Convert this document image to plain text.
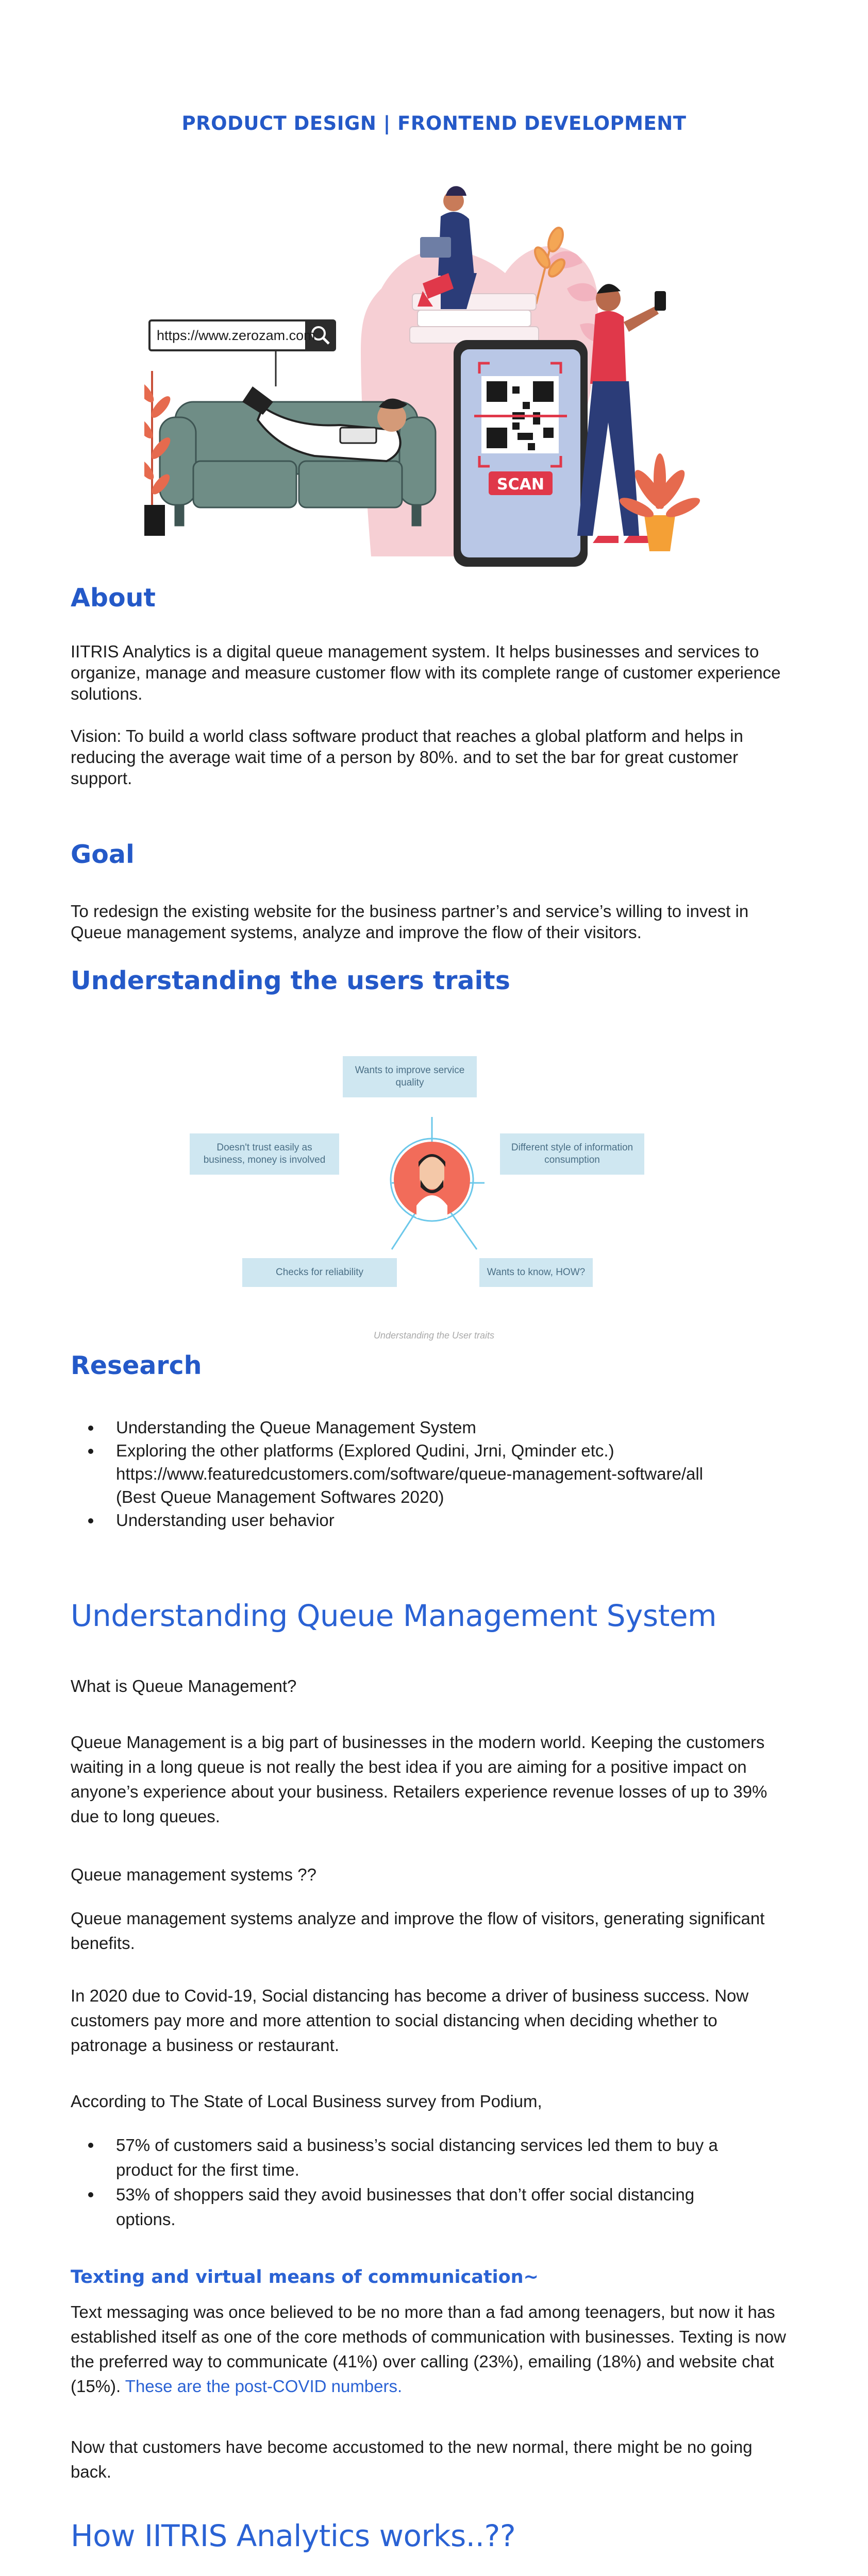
PRODUCT DESIGN | FRONTEND DEVELOPMENT
https://www.zerozam.com
SCAN
About

IITRIS Analytics is a digital queue management system. It helps businesses and services to organize, manage and measure customer flow with its complete range of customer experience solutions.

Vision: To build a world class software product that reaches a global platform and helps in reducing the average wait time of a person by 80%. and to set the bar for great customer support.

Goal

To redesign the existing website for the business partner’s and service’s willing to invest in Queue management systems, analyze and improve the flow of their visitors.

Understanding the users traits
Wants to improve service quality
Doesn't trust easily as business, money is involved
Different style of information consumption
Checks for reliability	Wants to know, HOW?
Understanding the User traits
Research
Understanding the Queue Management System
Exploring the other platforms (Explored Qudini, Jrni, Qminder etc.)
https://www.featuredcustomers.com/software/queue-management-software/all
(Best Queue Management Softwares 2020)
Understanding user behavior
Understanding Queue Management System

What is Queue Management?

Queue Management is a big part of businesses in the modern world. Keeping the customers waiting in a long queue is not really the best idea if you are aiming for a positive impact on anyone’s experience about your business. Retailers experience revenue losses of up to 39% due to long queues.

Queue management systems ??

Queue management systems analyze and improve the flow of visitors, generating significant benefits.

In 2020 due to Covid-19, Social distancing has become a driver of business success. Now customers pay more and more attention to social distancing when deciding whether to patronage a business or restaurant.

According to The State of Local Business survey from Podium,

57% of customers said a business’s social distancing services led them to buy a product for the first time.
53% of shoppers said they avoid businesses that don’t offer social distancing options.
Texting and virtual means of communication~

Text messaging was once believed to be no more than a fad among teenagers, but now it has established itself as one of the core methods of communication with businesses. Texting is now the preferred way to communicate (41%) over calling (23%), emailing (18%) and website chat (15%). These are the post-COVID numbers.

Now that customers have become accustomed to the new normal, there might be no going back.

How IITRIS Analytics works..??
